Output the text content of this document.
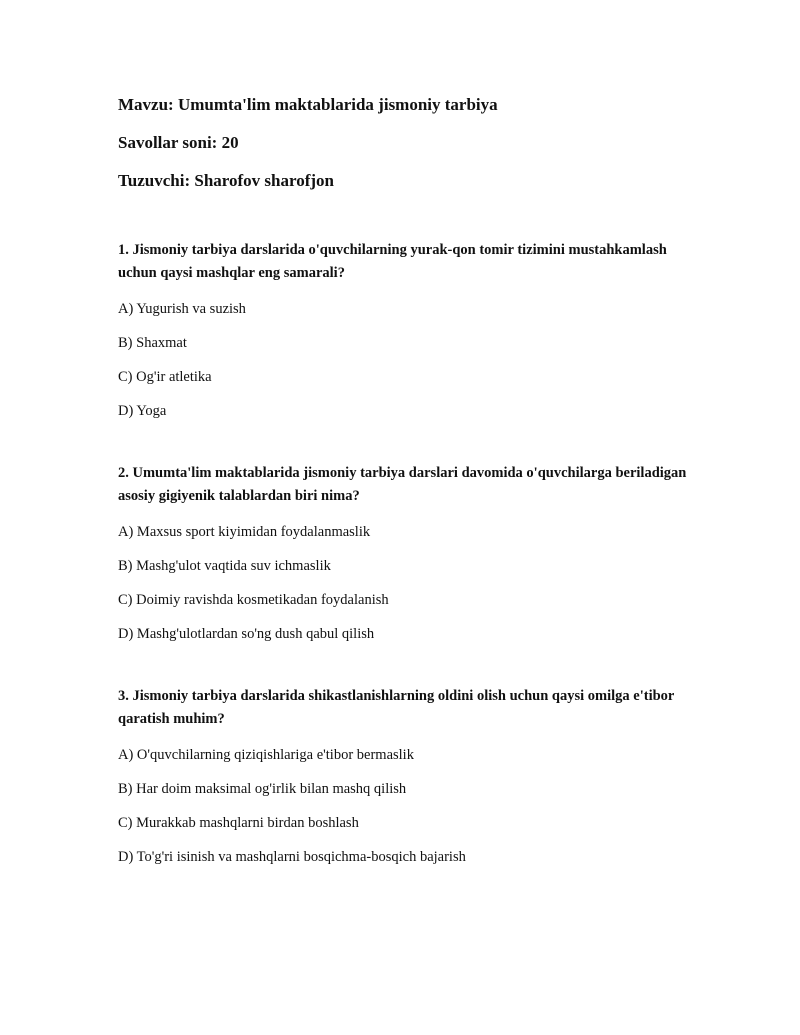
Mavzu: Umumta'lim maktablarida jismoniy tarbiya
Savollar soni: 20
Tuzuvchi: Sharofov sharofjon

1. Jismoniy tarbiya darslarida o'quvchilarning yurak-qon tomir tizimini mustahkamlash uchun qaysi mashqlar eng samarali?

A) Yugurish va suzish
B) Shaxmat
C) Og'ir atletika
D) Yoga

2. Umumta'lim maktablarida jismoniy tarbiya darslari davomida o'quvchilarga beriladigan asosiy gigiyenik talablardan biri nima?

A) Maxsus sport kiyimidan foydalanmaslik
B) Mashg'ulot vaqtida suv ichmaslik
C) Doimiy ravishda kosmetikadan foydalanish
D) Mashg'ulotlardan so'ng dush qabul qilish

3. Jismoniy tarbiya darslarida shikastlanishlarning oldini olish uchun qaysi omilga e'tibor qaratish muhim?

A) O'quvchilarning qiziqishlariga e'tibor bermaslik
B) Har doim maksimal og'irlik bilan mashq qilish
C) Murakkab mashqlarni birdan boshlash
D) To'g'ri isinish va mashqlarni bosqichma-bosqich bajarish
